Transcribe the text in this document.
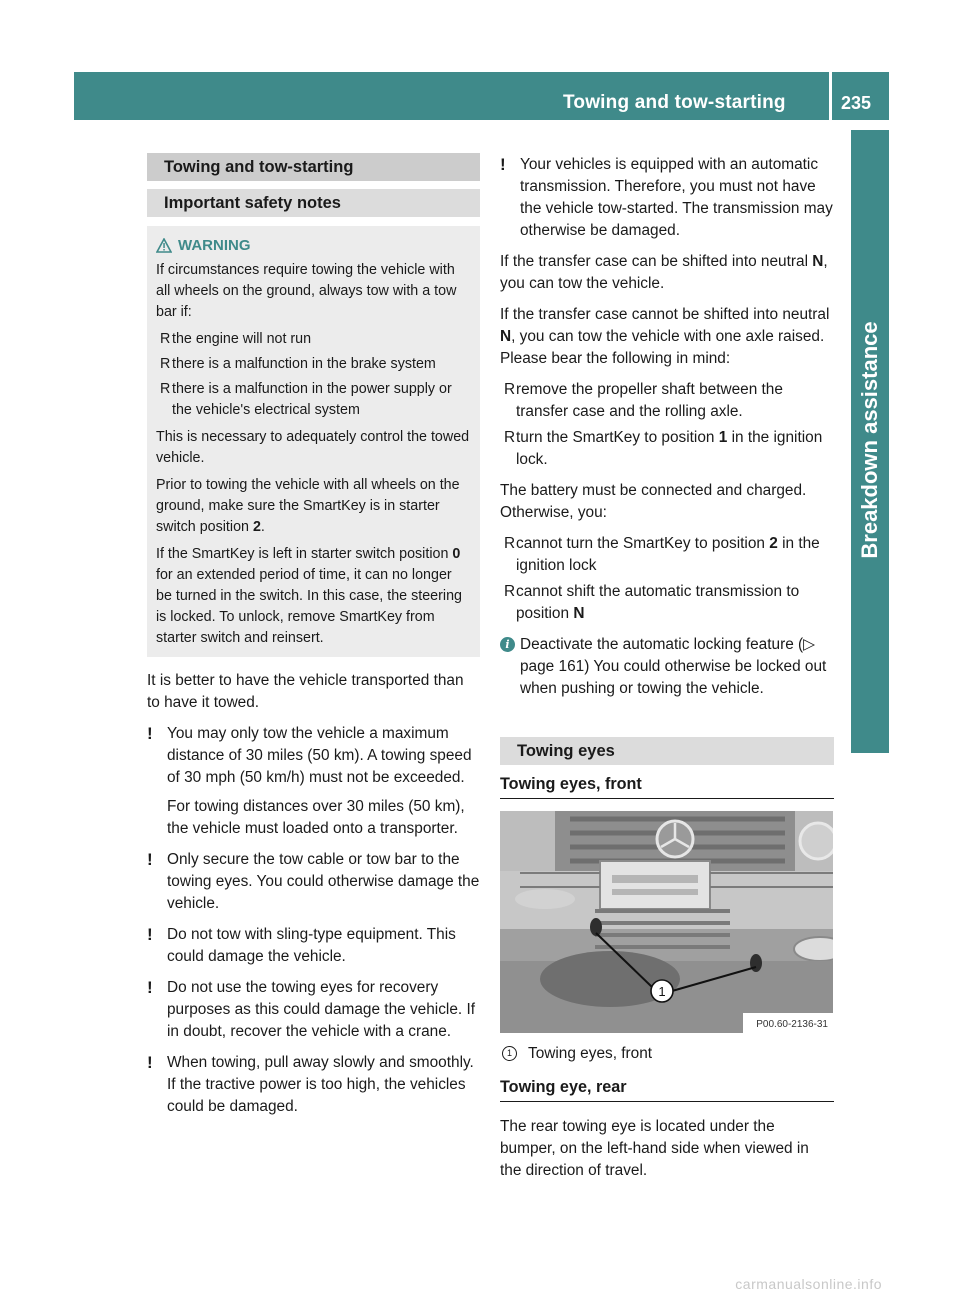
Towing and tow-starting	235
Breakdown assistance
Towing and tow-starting
Important safety notes
WARNING

If circumstances require towing the vehicle with all wheels on the ground, always tow with a tow bar if:

R the engine will not run
R there is a malfunction in the brake system
R there is a malfunction in the power supply or the vehicle's electrical system

This is necessary to adequately control the towed vehicle.

Prior to towing the vehicle with all wheels on the ground, make sure the SmartKey is in starter switch position 2.

If the SmartKey is left in starter switch position 0 for an extended period of time, it can no longer be turned in the switch. In this case, the steering is locked. To unlock, remove SmartKey from starter switch and reinsert.

It is better to have the vehicle transported than to have it towed.

! You may only tow the vehicle a maximum distance of 30 miles (50 km). A towing speed of 30 mph (50 km/h) must not be exceeded.

For towing distances over 30 miles (50 km), the vehicle must loaded onto a transporter.

! Only secure the tow cable or tow bar to the towing eyes. You could otherwise damage the vehicle.

! Do not tow with sling-type equipment. This could damage the vehicle.

! Do not use the towing eyes for recovery purposes as this could damage the vehicle. If in doubt, recover the vehicle with a crane.

! When towing, pull away slowly and smoothly. If the tractive power is too high, the vehicles could be damaged.

! Your vehicles is equipped with an automatic transmission. Therefore, you must not have the vehicle tow-started. The transmission may otherwise be damaged.

If the transfer case can be shifted into neutral N, you can tow the vehicle.

If the transfer case cannot be shifted into neutral N, you can tow the vehicle with one axle raised. Please bear the following in mind:

R remove the propeller shaft between the transfer case and the rolling axle.
R turn the SmartKey to position 1 in the ignition lock.

The battery must be connected and charged. Otherwise, you:

R cannot turn the SmartKey to position 2 in the ignition lock
R cannot shift the automatic transmission to position N
i Deactivate the automatic locking feature (▷ page 161) You could otherwise be locked out when pushing or towing the vehicle.

Towing eyes
Towing eyes, front
1
P00.60-2136-31
1	Towing eyes, front
Towing eye, rear

The rear towing eye is located under the bumper, on the left-hand side when viewed in the direction of travel.

carmanualsonline.info
